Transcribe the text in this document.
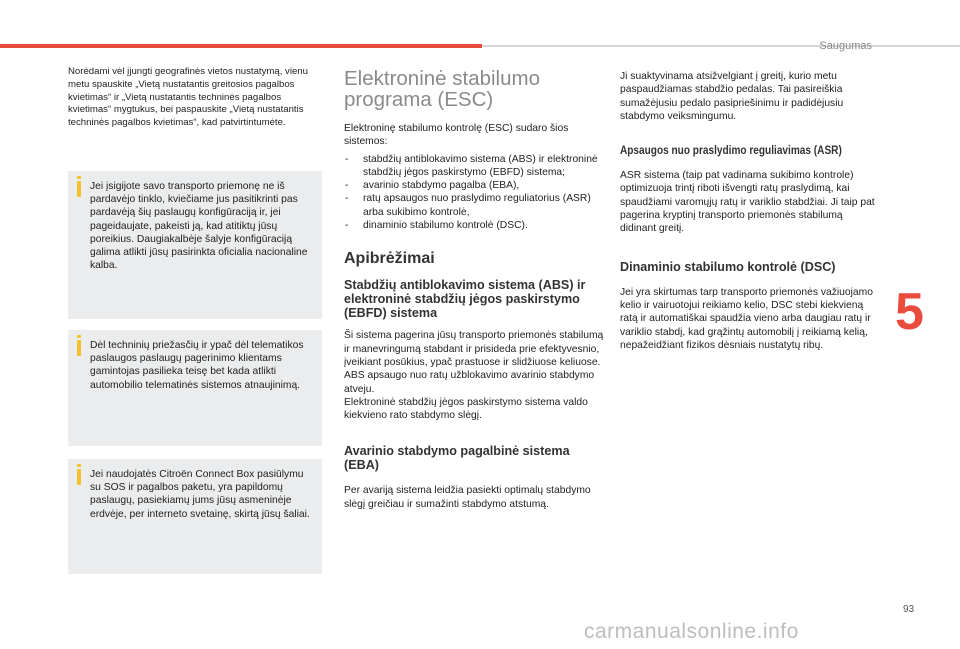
Saugumas

Norėdami vėl įjungti geografinės vietos nustatymą, vienu metu spauskite „Vietą nustatantis greitosios pagalbos kvietimas“ ir „Vietą nustatantis techninės pagalbos kvietimas“ mygtukus, bei paspauskite „Vietą nustatantis techninės pagalbos kvietimas“, kad patvirtintumėte.

Jei įsigijote savo transporto priemonę ne iš pardavėjo tinklo, kviečiame jus pasitikrinti pas pardavėją šių paslaugų konfigūraciją ir, jei pageidaujate, pakeisti ją, kad atitiktų jūsų poreikius. Daugiakalbėje šalyje konfigūraciją galima atlikti jūsų pasirinkta oficialia nacionaline kalba.

Dėl techninių priežasčių ir ypač dėl telematikos paslaugos paslaugų pagerinimo klientams gamintojas pasilieka teisę bet kada atlikti automobilio telematinės sistemos atnaujinimą.

Jei naudojatės Citroën Connect Box pasiūlymu su SOS ir pagalbos paketu, yra papildomų paslaugų, pasiekiamų jums jūsų asmeninėje erdvėje, per interneto svetainę, skirtą jūsų šaliai.

Elektroninė stabilumo programa (ESC)

Elektroninę stabilumo kontrolę (ESC) sudaro šios sistemos:

- stabdžių antiblokavimo sistema (ABS) ir elektroninė stabdžių jėgos paskirstymo (EBFD) sistema;
- avarinio stabdymo pagalba (EBA),
- ratų apsaugos nuo praslydimo reguliatorius (ASR) arba sukibimo kontrolė,
- dinaminio stabilumo kontrolė (DSC).
Apibrėžimai
Stabdžių antiblokavimo sistema (ABS) ir elektroninė stabdžių jėgos paskirstymo (EBFD) sistema

Ši sistema pagerina jūsų transporto priemonės stabilumą ir manevringumą stabdant ir prisideda prie efektyvesnio, įveikiant posūkius, ypač prastuose ir slidžiuose keliuose.

ABS apsaugo nuo ratų užblokavimo avarinio stabdymo atveju.

Elektroninė stabdžių jėgos paskirstymo sistema valdo kiekvieno rato stabdymo slėgį.

Avarinio stabdymo pagalbinė sistema (EBA)

Per avariją sistema leidžia pasiekti optimalų stabdymo slėgį greičiau ir sumažinti stabdymo atstumą.

Ji suaktyvinama atsižvelgiant į greitį, kurio metu paspaudžiamas stabdžio pedalas. Tai pasireiškia sumažėjusiu pedalo pasipriešinimu ir padidėjusiu stabdymo veiksmingumu.

Apsaugos nuo praslydimo reguliavimas (ASR)

ASR sistema (taip pat vadinama sukibimo kontrole) optimizuoja trintį riboti išvengti ratų praslydimą, kai spaudžiami varomųjų ratų ir variklio stabdžiai. Ji taip pat pagerina kryptinį transporto priemonės stabilumą didinant greitį.

Dinaminio stabilumo kontrolė (DSC)

Jei yra skirtumas tarp transporto priemonės važiuojamo kelio ir vairuotojui reikiamo kelio, DSC stebi kiekvieną ratą ir automatiškai spaudžia vieno arba daugiau ratų ir variklio stabdį, kad grąžintų automobilį į reikiamą kelią, nepažeidžiant fizikos dėsniais nustatytų ribų.

5
93
carmanualsonline.info
